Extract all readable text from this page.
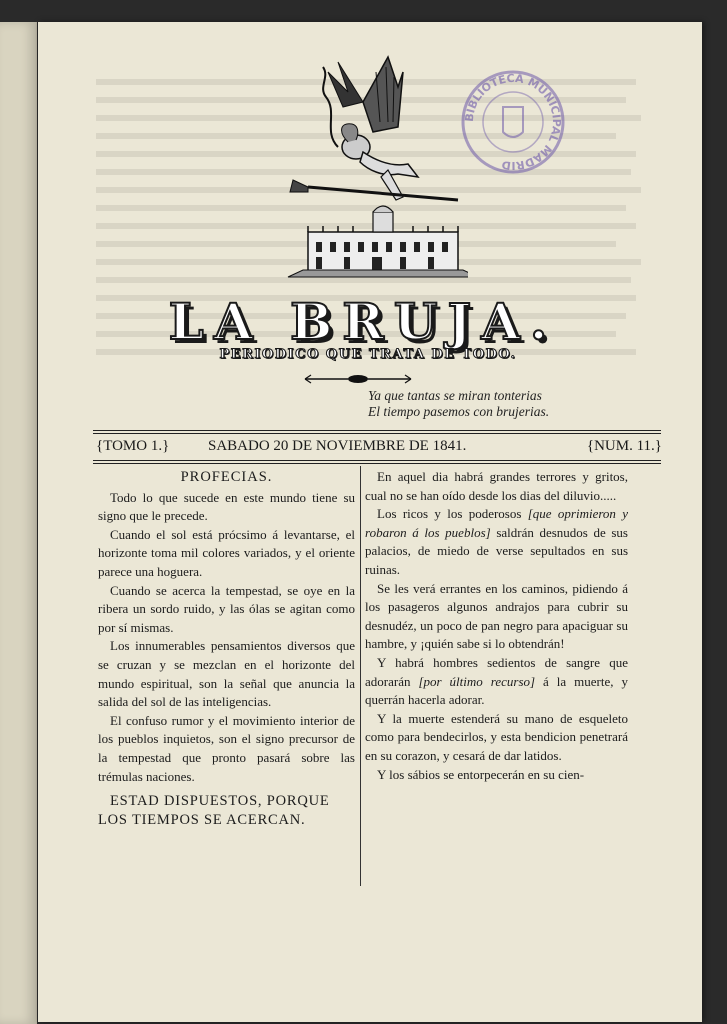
BIBLIOTECA MUNICIPAL MADRID
LA BRUJA.
PERIODICO QUE TRATA DE TODO.
Ya que tantas se miran tonterias
El tiempo pasemos con brujerias.
{TOMO 1.}	SABADO 20 DE NOVIEMBRE DE 1841.	{NUM. 11.}
PROFECIAS.

Todo lo que sucede en este mundo tiene su signo que le precede.

Cuando el sol está prócsimo á levantarse, el horizonte toma mil colores variados, y el oriente parece una hoguera.

Cuando se acerca la tempestad, se oye en la ribera un sordo ruido, y las ólas se agitan como por sí mismas.

Los innumerables pensamientos diversos que se cruzan y se mezclan en el horizonte del mundo espiritual, son la señal que anuncia la salida del sol de las inteligencias.

El confuso rumor y el movimiento interior de los pueblos inquietos, son el signo precursor de la tempestad que pronto pasará sobre las trémulas naciones.

ESTAD DISPUESTOS, PORQUE LOS TIEMPOS SE ACERCAN.

En aquel dia habrá grandes terrores y gritos, cual no se han oído desde los dias del diluvio.....

Los ricos y los poderosos [que oprimieron y robaron á los pueblos] saldrán desnudos de sus palacios, de miedo de verse sepultados en sus ruinas.

Se les verá errantes en los caminos, pidiendo á los pasageros algunos andrajos para cubrir su desnudéz, un poco de pan negro para apaciguar su hambre, y ¡quién sabe si lo obtendrán!

Y habrá hombres sedientos de sangre que adorarán [por último recurso] á la muerte, y querrán hacerla adorar.

Y la muerte estenderá su mano de esqueleto como para bendecirlos, y esta bendicion penetrará en su corazon, y cesará de dar latidos.

Y los sábios se entorpecerán en su cien-
